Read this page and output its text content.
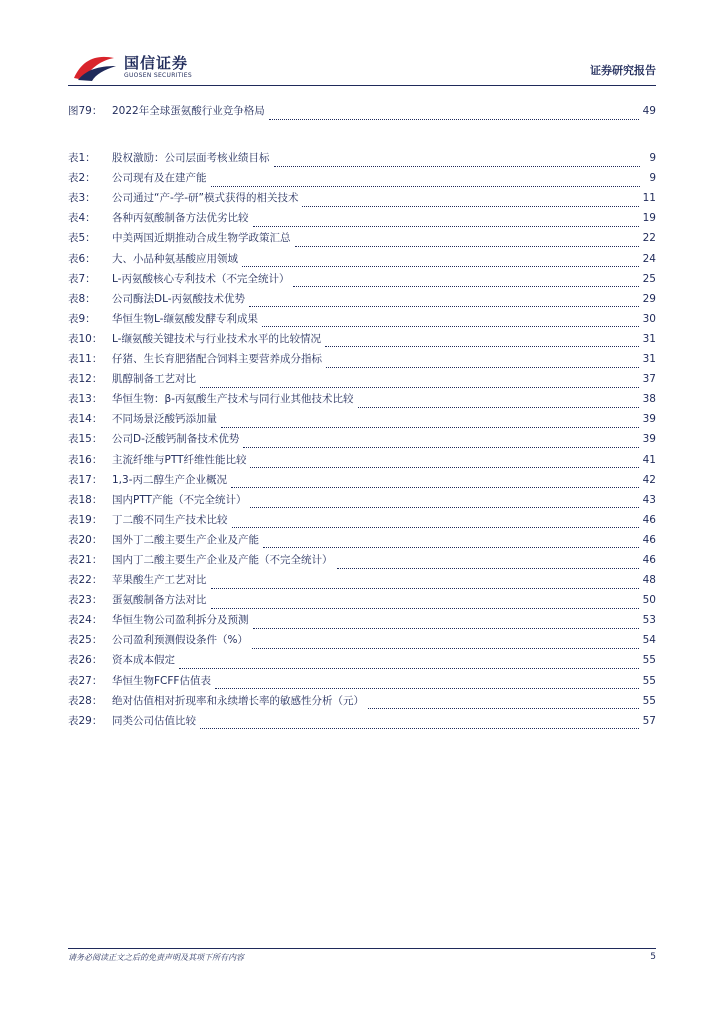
国信证券
GUOSEN SECURITIES	证券研究报告
图79： 2022年全球蛋氨酸行业竞争格局	49
表1：	股权激励：公司层面考核业绩目标	9
表2：	公司现有及在建产能	9
表3：	公司通过“产-学-研”模式获得的相关技术	11
表4：	各种丙氨酸制备方法优劣比较	19
表5：	中美两国近期推动合成生物学政策汇总	22
表6：	大、小品种氨基酸应用领域	24
表7：	L-丙氨酸核心专利技术（不完全统计）	25
表8：	公司酶法DL-丙氨酸技术优势	29
表9：	华恒生物L-缬氨酸发酵专利成果	30
表10： L-缬氨酸关键技术与行业技术水平的比较情况	31
表11： 仔猪、生长育肥猪配合饲料主要营养成分指标	31
表12： 肌醇制备工艺对比	37
表13： 华恒生物：β-丙氨酸生产技术与同行业其他技术比较	38
表14： 不同场景泛酸钙添加量	39
表15： 公司D-泛酸钙制备技术优势	39
表16： 主流纤维与PTT纤维性能比较	41
表17： 1,3-丙二醇生产企业概况	42
表18： 国内PTT产能（不完全统计）	43
表19： 丁二酸不同生产技术比较	46
表20： 国外丁二酸主要生产企业及产能	46
表21： 国内丁二酸主要生产企业及产能（不完全统计）	46
表22： 苹果酸生产工艺对比	48
表23： 蛋氨酸制备方法对比	50
表24： 华恒生物公司盈利拆分及预测	53
表25： 公司盈利预测假设条件（%）	54
表26： 资本成本假定	55
表27： 华恒生物FCFF估值表	55
表28： 绝对估值相对折现率和永续增长率的敏感性分析（元）	55
表29： 同类公司估值比较	57
请务必阅读正文之后的免责声明及其项下所有内容	5
